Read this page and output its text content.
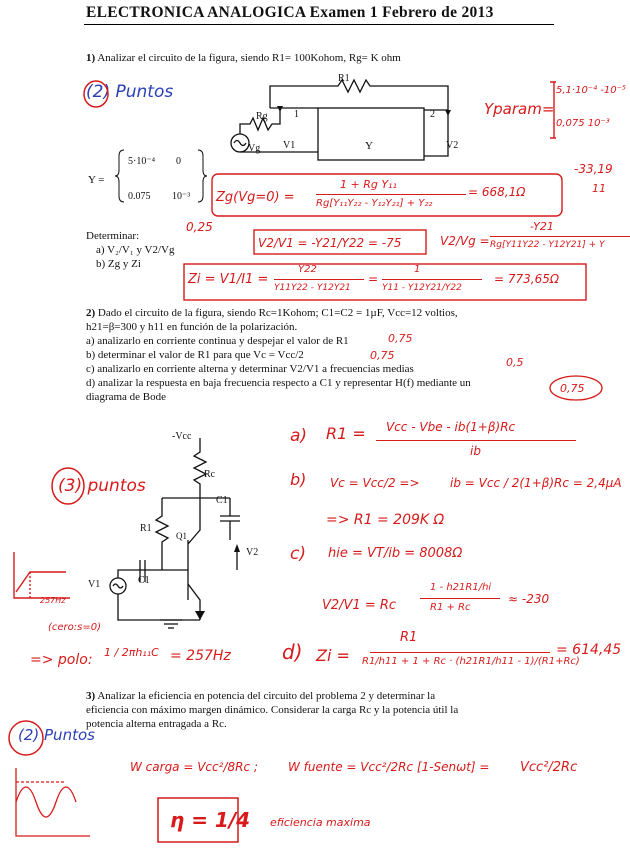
ELECTRONICA ANALOGICA Examen 1 Febrero de 2013
1) Analizar el circuito de la figura, siendo R1= 100Kohom, Rg= K ohm
R1
Rg	1	2
Y
Vg V1	V2
Y =
5·10⁻⁴ 0
0.075 10⁻³
Determinar:
a) V₂/V₁ y V2/Vg
b) Zg y Zi
(2) Puntos
Yparam=
5,1·10⁻⁴ -10⁻⁵
0,075 10⁻³
-33,19
11
Zg(Vg=0) =
1 + Rg Y₁₁
Rg[Y₁₁Y₂₂ - Y₁₂Y₂₁] + Y₂₂
= 668,1Ω
0,25
V2/V1 = -Y21/Y22 = -75	V2/Vg =
-Y21
Rg[Y11Y22 - Y12Y21] + Y
Zi = V1/I1 =
Y22
Y11Y22 - Y12Y21
=
1
Y11 - Y12Y21/Y22
= 773,65Ω
2) Dado el circuito de la figura, siendo Rc=1Kohom; C1=C2 = 1µF, Vcc=12 voltios,
h21=β=300 y h11 en función de la polarización.
a) analizarlo en corriente continua y despejar el valor de R1
b) determinar el valor de R1 para que Vc = Vcc/2
c) analizarlo en corriente alterna y determinar V2/V1 a frecuencias medias
d) analizar la respuesta en baja frecuencia respecto a C1 y representar H(f) mediante un
diagrama de Bode
0,75
0,75
0,5
0,75
-Vcc
Rc
C1
R1
Q1
V2
V1	C1
(3) puntos
a) R1 = Vcc - Vbe - ib(1+β)Rc
ib
b) Vc = Vcc/2 =>	ib = Vcc / 2(1+β)Rc = 2,4µA
=> R1 = 209K Ω
c) hie = VT/ib = 8008Ω
V2/V1 = Rc
1 - h21R1/hi
R1 + Rc
≈ -230
257Hz
(cero:s=0)
=> polo: 1 / 2πh₁₁C = 257Hz	d) Zi =
R1
R1/h11 + 1 + Rc · (h21R1/h11 - 1)/(R1+Rc)
= 614,45
3) Analizar la eficiencia en potencia del circuito del problema 2 y determinar la
eficiencia con máximo margen dinámico. Considerar la carga Rc y la potencia útil la
potencia alterna entragada a Rc.
(2) Puntos
W carga = Vcc²/8Rc ;	W fuente = Vcc²/2Rc [1-Senωt] = Vcc²/2Rc
η = 1/4 eficiencia maxima
